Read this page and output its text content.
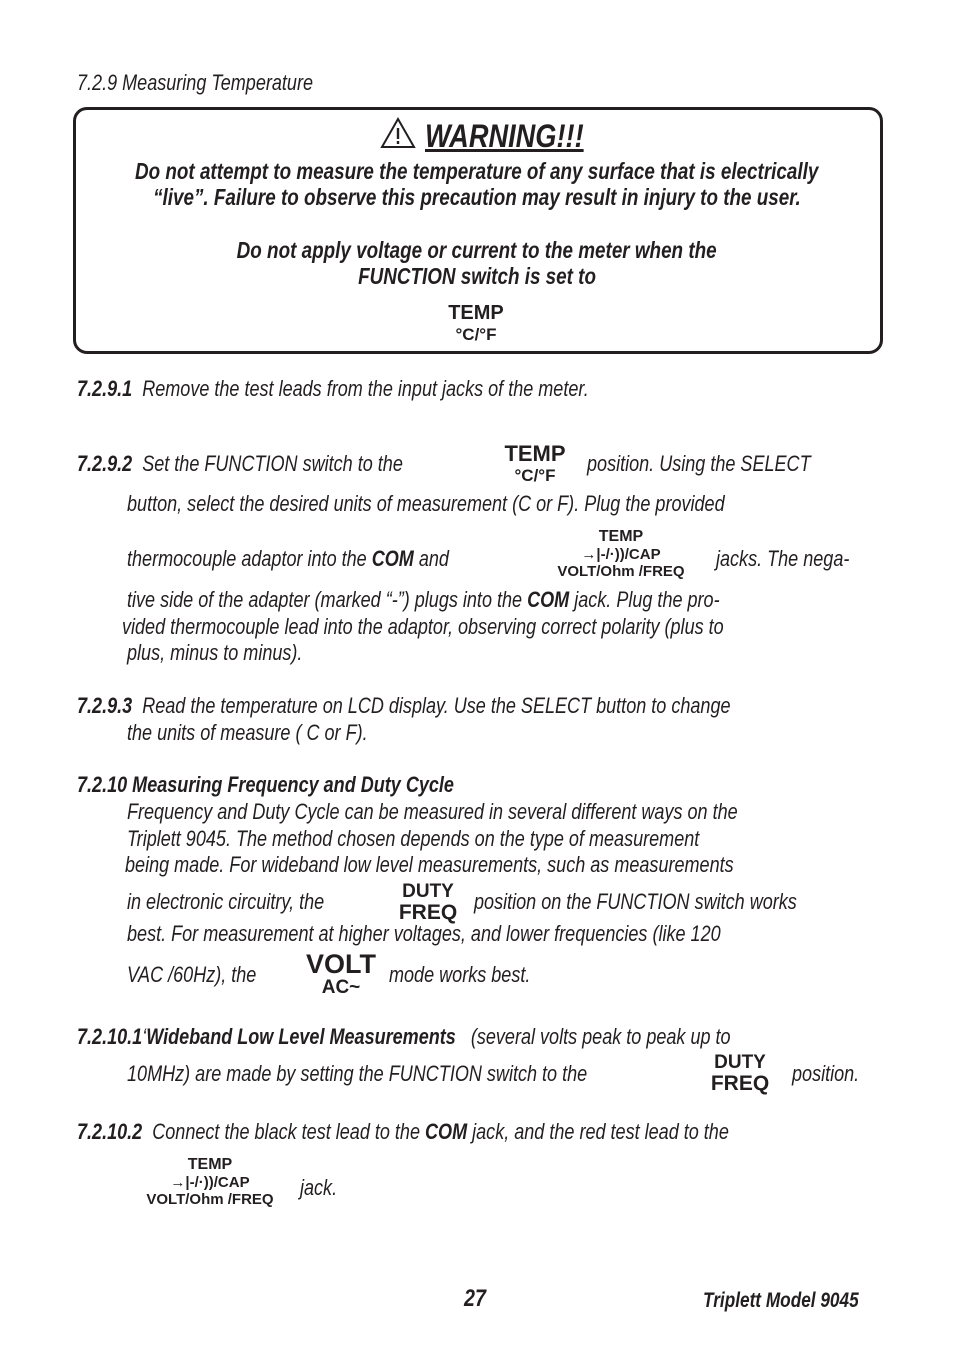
7.2.9 Measuring Temperature
WARNING!!!
Do not attempt to measure the temperature of any surface that is electrically
“live”. Failure to observe this precaution may result in injury to the user.
Do not apply voltage or current to the meter when the
FUNCTION switch is set to
TEMP
°C/°F
7.2.9.1 Remove the test leads from the input jacks of the meter.
7.2.9.2 Set the FUNCTION switch to the	TEMP
°C/°F	position. Using the SELECT
button, select the desired units of measurement (C or F). Plug the provided
thermocouple adaptor into the COM and
TEMP
→|-/·))/CAP
VOLT/Ohm /FREQ
jacks. The nega-
tive side of the adapter (marked “-”) plugs into the COM jack. Plug the pro-
vided thermocouple lead into the adaptor, observing correct polarity (plus to
plus, minus to minus).
7.2.9.3 Read the temperature on LCD display. Use the SELECT button to change
the units of measure ( C or F).
7.2.10 Measuring Frequency and Duty Cycle
Frequency and Duty Cycle can be measured in several different ways on the
Triplett 9045. The method chosen depends on the type of measurement
being made. For wideband low level measurements, such as measurements
in electronic circuitry, the	DUTY
FREQ position on the FUNCTION switch works
best. For measurement at higher voltages, and lower frequencies (like 120
VAC /60Hz), the VOLT
AC~
mode works best.
7.2.10.1‘Wideband Low Level Measurements (several volts peak to peak up to
10MHz) are made by setting the FUNCTION switch to the	DUTY
FREQ	position.
7.2.10.2 Connect the black test lead to the COM jack, and the red test lead to the
TEMP
→|-/·))/CAP
VOLT/Ohm /FREQ	jack.
27	Triplett Model 9045
